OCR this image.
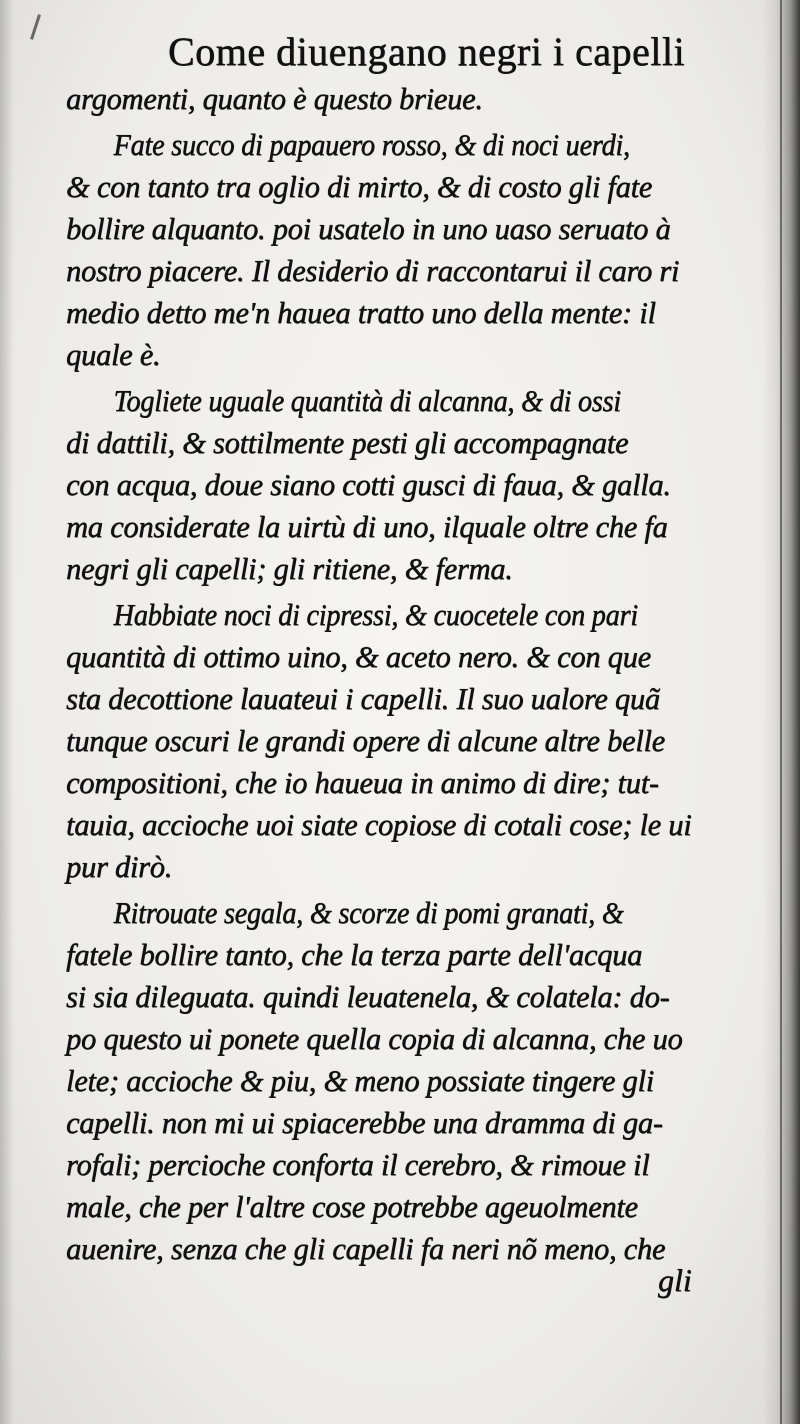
Come diuengano negri i capelli
argomenti, quanto è questo brieue.
Fate succo di papauero rosso, & di noci uerdi,
& con tanto tra oglio di mirto, & di costo gli fate
bollire alquanto. poi usatelo in uno uaso seruato à
nostro piacere. Il desiderio di raccontarui il caro ri
medio detto me'n hauea tratto uno della mente: il
quale è.
Togliete uguale quantità di alcanna, & di ossi
di dattili, & sottilmente pesti gli accompagnate
con acqua, doue siano cotti gusci di faua, & galla.
ma considerate la uirtù di uno, ilquale oltre che fa
negri gli capelli; gli ritiene, & ferma.
Habbiate noci di cipressi, & cuocetele con pari
quantità di ottimo uino, & aceto nero. & con que
sta decottione lauateui i capelli. Il suo ualore quã
tunque oscuri le grandi opere di alcune altre belle
compositioni, che io haueua in animo di dire; tut-
tauia, accioche uoi siate copiose di cotali cose; le ui
pur dirò.
Ritrouate segala, & scorze di pomi granati, &
fatele bollire tanto, che la terza parte dell'acqua
si sia dileguata. quindi leuatenela, & colatela: do-
po questo ui ponete quella copia di alcanna, che uo
lete; accioche & piu, & meno possiate tingere gli
capelli. non mi ui spiacerebbe una dramma di ga-
rofali; percioche conforta il cerebro, & rimoue il
male, che per l'altre cose potrebbe ageuolmente
auenire, senza che gli capelli fa neri nõ meno, che
gli
